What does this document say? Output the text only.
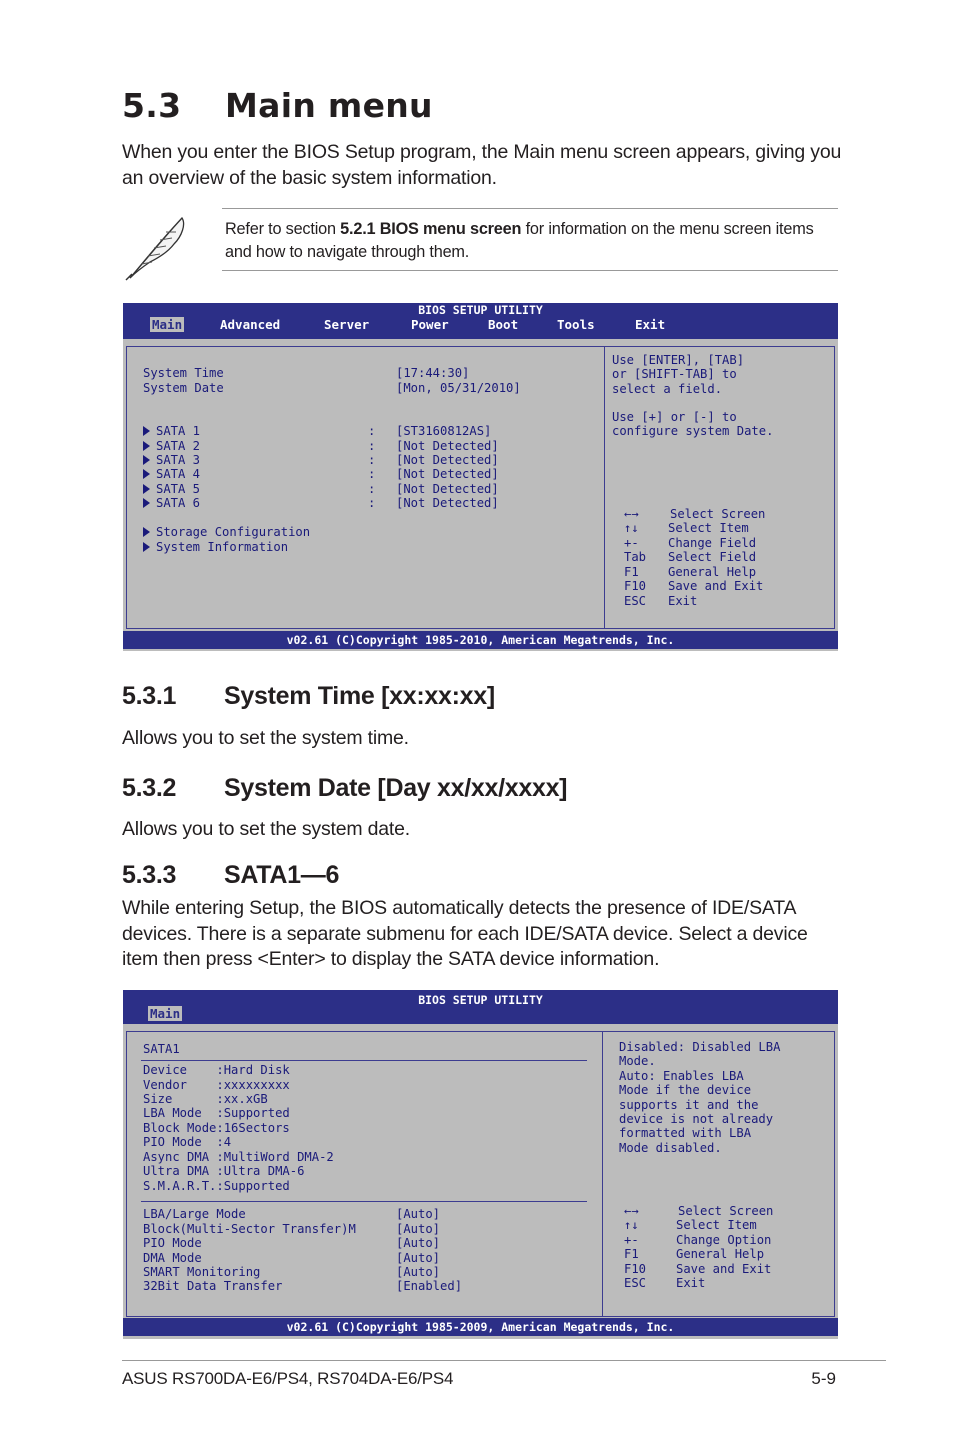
5.3 Main menu

When you enter the BIOS Setup program, the Main menu screen appears, giving you an overview of the basic system information.

Refer to section 5.2.1 BIOS menu screen for information on the menu screen items and how to navigate through them.
BIOS SETUP UTILITY
Main	Advanced	Server	Power	Boot	Tools	Exit
System Time	[17:44:30]
System Date	[Mon, 05/31/2010]
SATA 1	: [ST3160812AS]
SATA 2	: [Not Detected]
SATA 3	: [Not Detected]
SATA 4	: [Not Detected]
SATA 5	: [Not Detected]
SATA 6	: [Not Detected]
Storage Configuration
System Information
Use [ENTER], [TAB]
or [SHIFT-TAB] to
select a field.
Use [+] or [-] to
configure system Date.
←→	Select Screen
↑↓ Select Item
+- Change Field
Tab Select Field
F1 General Help
F10 Save and Exit
ESC Exit
v02.61 (C)Copyright 1985-2010, American Megatrends, Inc.
5.3.1 System Time [xx:xx:xx]

Allows you to set the system time.

5.3.2 System Date [Day xx/xx/xxxx]

Allows you to set the system date.

5.3.3 SATA1—6

While entering Setup, the BIOS automatically detects the presence of IDE/SATA devices. There is a separate submenu for each IDE/SATA device. Select a device item then press <Enter> to display the SATA device information.

BIOS SETUP UTILITY
Main
SATA1
Device    :Hard Disk
Vendor    :xxxxxxxxx
Size      :xx.xGB
LBA Mode  :Supported
Block Mode:16Sectors
PIO Mode  :4
Async DMA :MultiWord DMA-2
Ultra DMA :Ultra DMA-6
S.M.A.R.T.:Supported
LBA/Large Mode	[Auto]
Block(Multi-Sector Transfer)M	[Auto]
PIO Mode	[Auto]
DMA Mode	[Auto]
SMART Monitoring	[Auto]
32Bit Data Transfer	[Enabled]
Disabled: Disabled LBA
Mode.
Auto: Enables LBA
Mode if the device
supports it and the
device is not already
formatted with LBA
Mode disabled.
←→	Select Screen
↑↓	Select Item
+-	Change Option
F1	General Help
F10 Save and Exit
ESC Exit
v02.61 (C)Copyright 1985-2009, American Megatrends, Inc.
ASUS RS700DA-E6/PS4, RS704DA-E6/PS4	5-9
